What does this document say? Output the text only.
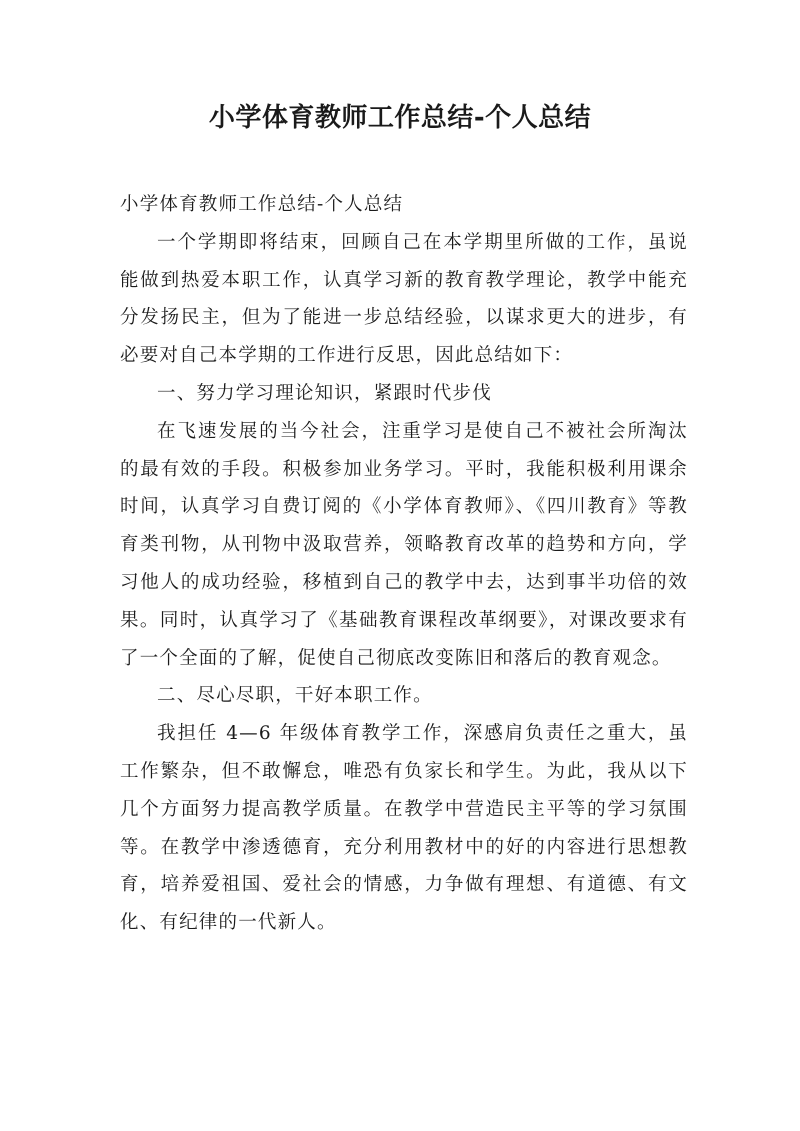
小学体育教师工作总结-个人总结

小学体育教师工作总结-个人总结

一个学期即将结束，回顾自己在本学期里所做的工作，虽说能做到热爱本职工作，认真学习新的教育教学理论，教学中能充分发扬民主，但为了能进一步总结经验，以谋求更大的进步，有必要对自己本学期的工作进行反思，因此总结如下：

一、努力学习理论知识，紧跟时代步伐

在飞速发展的当今社会，注重学习是使自己不被社会所淘汰的最有效的手段。积极参加业务学习。平时，我能积极利用课余时间，认真学习自费订阅的《小学体育教师》、《四川教育》等教育类刊物，从刊物中汲取营养，领略教育改革的趋势和方向，学习他人的成功经验，移植到自己的教学中去，达到事半功倍的效果。同时，认真学习了《基础教育课程改革纲要》，对课改要求有了一个全面的了解，促使自己彻底改变陈旧和落后的教育观念。

二、尽心尽职，干好本职工作。

我担任 4—6 年级体育教学工作，深感肩负责任之重大，虽工作繁杂，但不敢懈怠，唯恐有负家长和学生。为此，我从以下几个方面努力提高教学质量。在教学中营造民主平等的学习氛围等。在教学中渗透德育，充分利用教材中的好的内容进行思想教育，培养爱祖国、爱社会的情感，力争做有理想、有道德、有文化、有纪律的一代新人。
